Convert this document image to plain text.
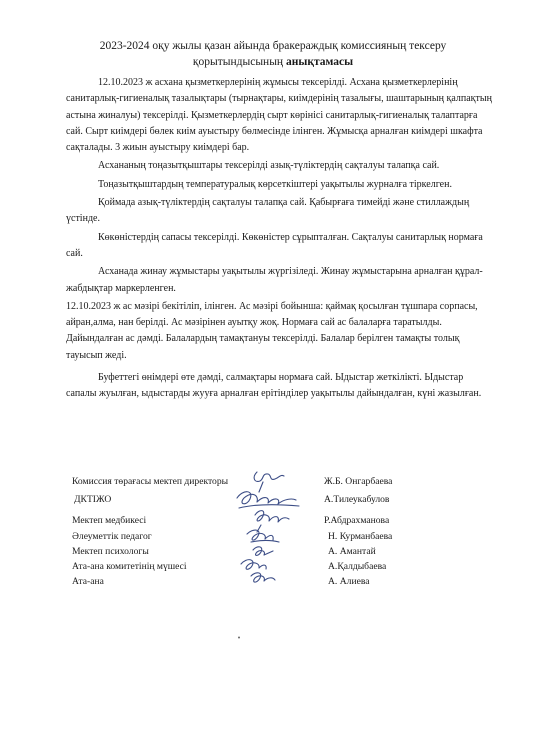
2023-2024 оқу жылы қазан айында бракераждық комиссияның тексеру
қорытындысының анықтамасы

12.10.2023 ж асхана қызметкерлерінің жұмысы тексерілді. Асхана қызметкерлерінің санитарлық-гигиеналық тазалықтары (тырнақтары, киімдерінің тазалығы, шаштарының қалпақтың астына жиналуы) тексерілді. Қызметкерлердің сырт көрінісі санитарлық-гигиеналық талаптарға сай. Сырт киімдері бөлек киім ауыстыру бөлмесінде ілінген. Жұмысқа арналған киімдері шкафта сақталады. 3 жиын ауыстыру киімдері бар.

Асхананың тоңазытқыштары тексерілді азық-түліктердің сақталуы талапқа сай.

Тоңазытқыштардың температуралық көрсеткіштері уақытылы журналға тіркелген.

Қоймада азық-түліктердің сақталуы талапқа сай. Қабырғаға тимейді және стиллаждың үстінде.

Көкөністердің сапасы тексерілді. Көкөністер сұрыпталған. Сақталуы санитарлық нормаға сай.

Асханада жинау жұмыстары уақытылы жүргізіледі. Жинау жұмыстарына арналған құрал-жабдықтар маркерленген.

12.10.2023 ж ас мәзірі бекітіліп, ілінген. Ас мәзірі бойынша: қаймақ қосылған тұшпара сорпасы, айран,алма, нан берілді. Ас мәзірінен ауытқу жоқ. Нормаға сай ас балаларға таратылды. Дайындалған ас дәмді. Балалардың тамақтануы тексерілді. Балалар берілген тамақты толық тауысып жеді.

Буфеттегі өнімдері өте дәмді, салмақтары нормаға сай. Ыдыстар жеткілікті. Ыдыстар сапалы жуылған, ыдыстарды жууға арналған ерітінділер уақытылы дайындалған, күні жазылған.

Комиссия төрағасы мектеп директоры	Ж.Б. Онгарбаева
ДКТІЖО	А.Тилеукабулов
Мектеп медбикесі	Р.Абдрахманова
Әлеуметтік педагог	Н. Курманбаева
Мектеп психологы	А. Амантай
Ата-ана комитетінің мүшесі	А.Қалдыбаева
Ата-ана	А. Алиева
